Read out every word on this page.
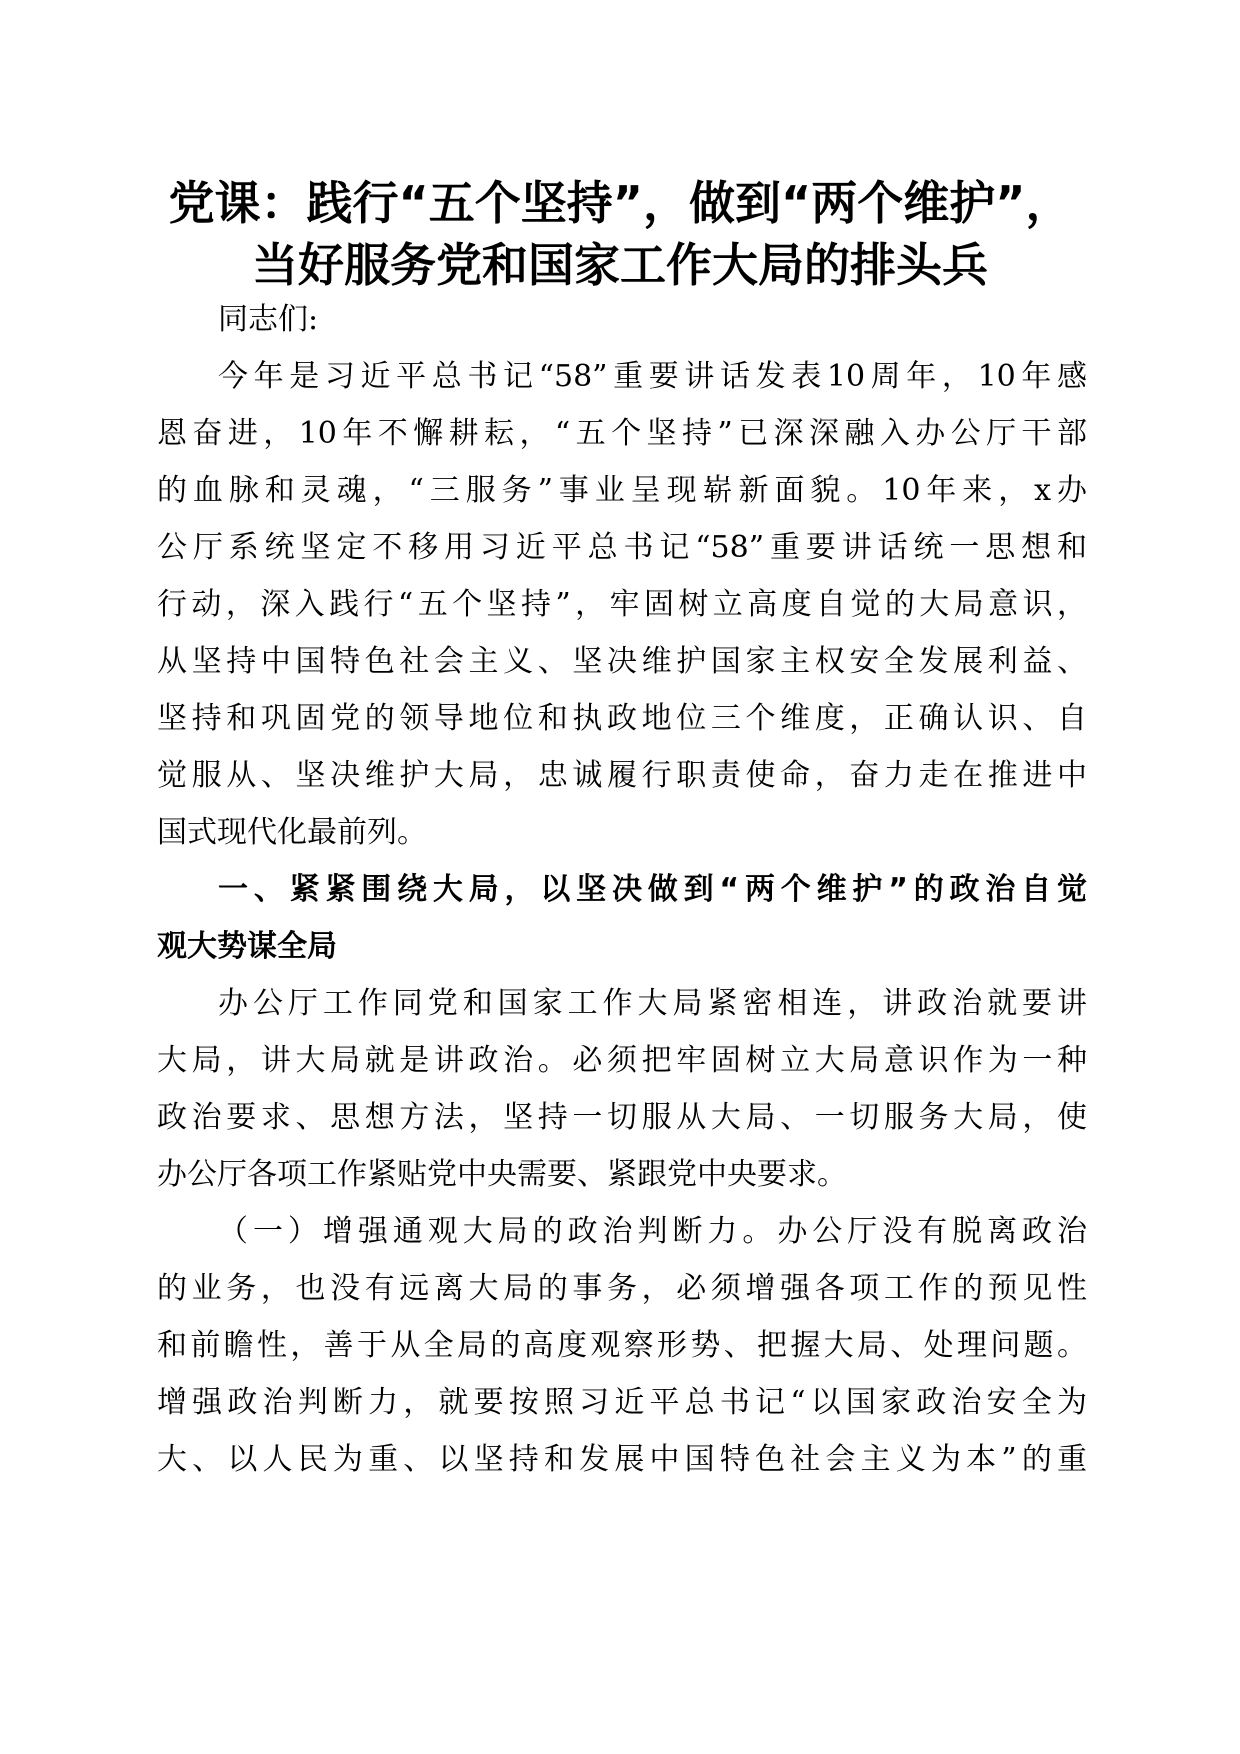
党课：践行“五个坚持”，做到“两个维护”，
当好服务党和国家工作大局的排头兵
同志们:
今年是习近平总书记“58”重要讲话发表10周年，10年感
恩奋进，10年不懈耕耘，“五个坚持”已深深融入办公厅干部
的血脉和灵魂，“三服务”事业呈现崭新面貌。10年来，x办
公厅系统坚定不移用习近平总书记“58”重要讲话统一思想和
行动，深入践行“五个坚持”，牢固树立高度自觉的大局意识，
从坚持中国特色社会主义、坚决维护国家主权安全发展利益、
坚持和巩固党的领导地位和执政地位三个维度，正确认识、自
觉服从、坚决维护大局，忠诚履行职责使命，奋力走在推进中
国式现代化最前列。
一、紧紧围绕大局，以坚决做到“两个维护”的政治自觉
观大势谋全局
办公厅工作同党和国家工作大局紧密相连，讲政治就要讲
大局，讲大局就是讲政治。必须把牢固树立大局意识作为一种
政治要求、思想方法，坚持一切服从大局、一切服务大局，使
办公厅各项工作紧贴党中央需要、紧跟党中央要求。
（一）增强通观大局的政治判断力。办公厅没有脱离政治
的业务，也没有远离大局的事务，必须增强各项工作的预见性
和前瞻性，善于从全局的高度观察形势、把握大局、处理问题。
增强政治判断力，就要按照习近平总书记“以国家政治安全为
大、以人民为重、以坚持和发展中国特色社会主义为本”的重
